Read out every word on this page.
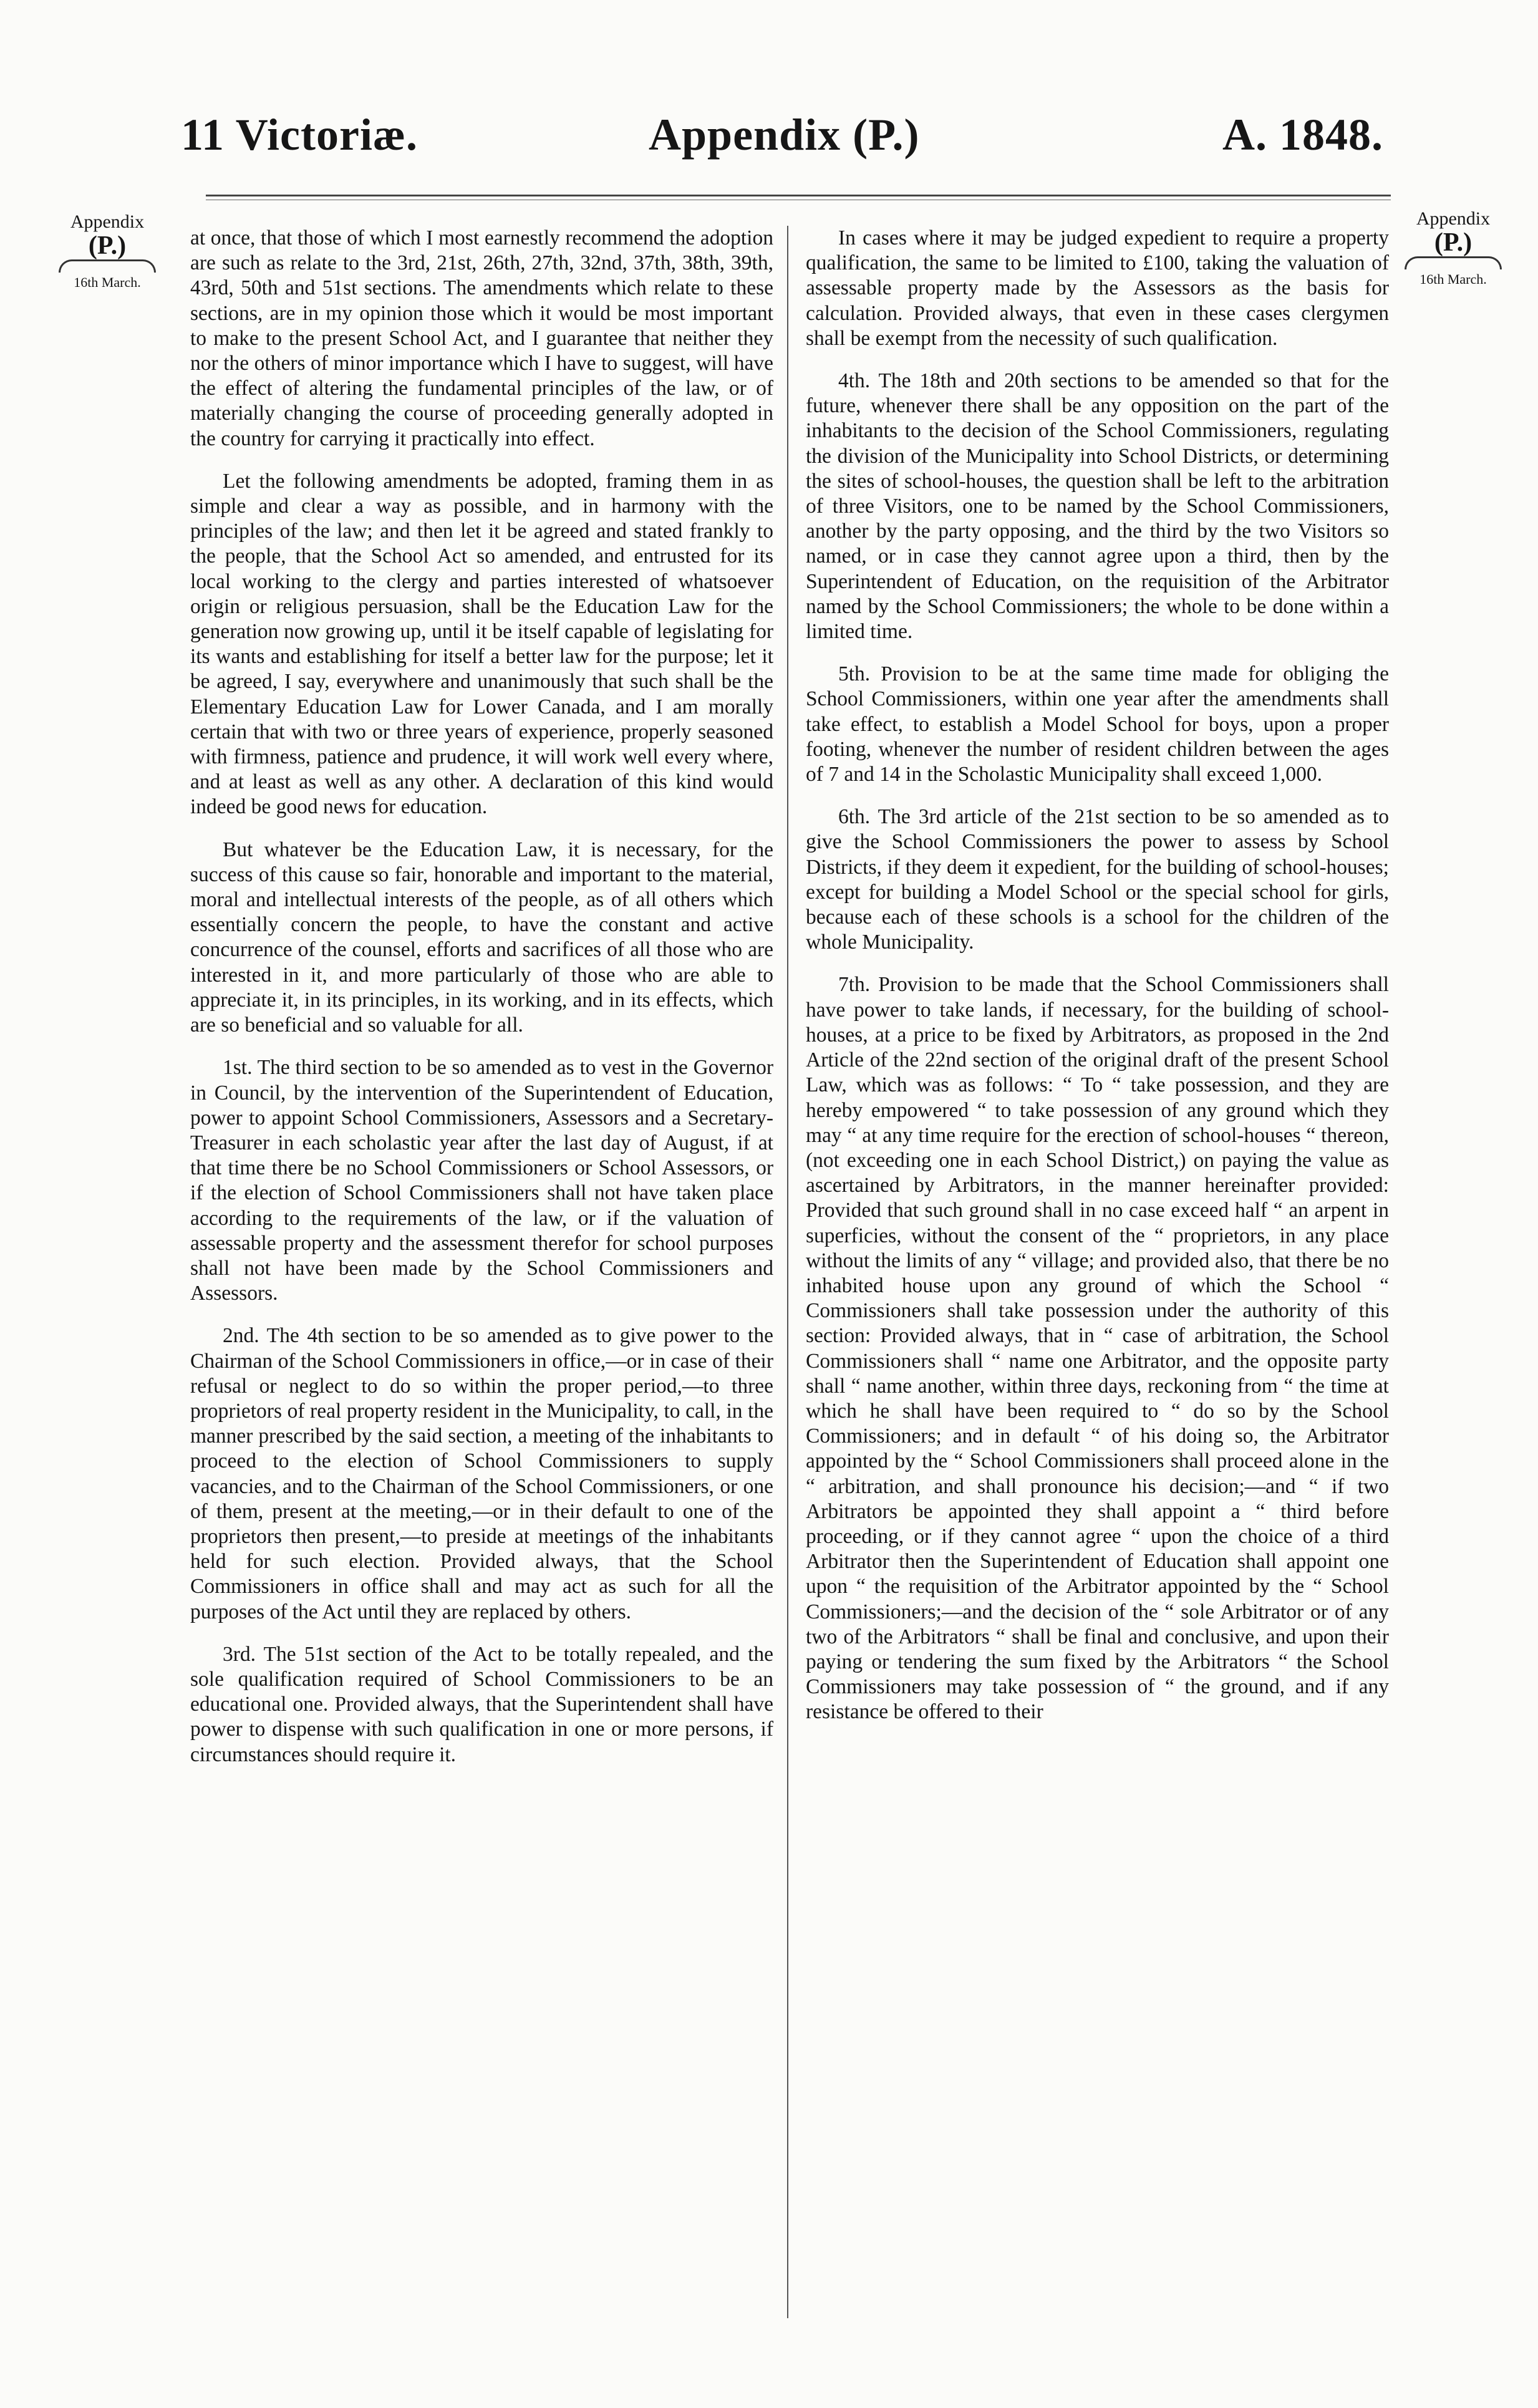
11 Victoriæ.	Appendix (P.)	A. 1848.
Appendix
(P.)
16th March.
Appendix
(P.)
16th March.

at once, that those of which I most earnestly recommend the adoption are such as relate to the 3rd, 21st, 26th, 27th, 32nd, 37th, 38th, 39th, 43rd, 50th and 51st sections. The amendments which relate to these sections, are in my opinion those which it would be most important to make to the present School Act, and I guarantee that neither they nor the others of minor importance which I have to suggest, will have the effect of altering the fundamental principles of the law, or of materially changing the course of proceeding generally adopted in the country for carrying it practically into effect.

Let the following amendments be adopted, framing them in as simple and clear a way as possible, and in harmony with the principles of the law; and then let it be agreed and stated frankly to the people, that the School Act so amended, and entrusted for its local working to the clergy and parties interested of whatsoever origin or religious persuasion, shall be the Education Law for the generation now growing up, until it be itself capable of legislating for its wants and establishing for itself a better law for the purpose; let it be agreed, I say, everywhere and unanimously that such shall be the Elementary Education Law for Lower Canada, and I am morally certain that with two or three years of experience, properly seasoned with firmness, patience and prudence, it will work well every where, and at least as well as any other. A declaration of this kind would indeed be good news for education.

But whatever be the Education Law, it is necessary, for the success of this cause so fair, honorable and important to the material, moral and intellectual interests of the people, as of all others which essentially concern the people, to have the constant and active concurrence of the counsel, efforts and sacrifices of all those who are interested in it, and more particularly of those who are able to appreciate it, in its principles, in its working, and in its effects, which are so beneficial and so valuable for all.

1st. The third section to be so amended as to vest in the Governor in Council, by the intervention of the Superintendent of Education, power to appoint School Commissioners, Assessors and a Secretary-Treasurer in each scholastic year after the last day of August, if at that time there be no School Commissioners or School Assessors, or if the election of School Commissioners shall not have taken place according to the requirements of the law, or if the valuation of assessable property and the assessment therefor for school purposes shall not have been made by the School Commissioners and Assessors.

2nd. The 4th section to be so amended as to give power to the Chairman of the School Commissioners in office,—or in case of their refusal or neglect to do so within the proper period,—to three proprietors of real property resident in the Municipality, to call, in the manner prescribed by the said section, a meeting of the inhabitants to proceed to the election of School Commissioners to supply vacancies, and to the Chairman of the School Commissioners, or one of them, present at the meeting,—or in their default to one of the proprietors then present,—to preside at meetings of the inhabitants held for such election. Provided always, that the School Commissioners in office shall and may act as such for all the purposes of the Act until they are replaced by others.

3rd. The 51st section of the Act to be totally repealed, and the sole qualification required of School Commissioners to be an educational one. Provided always, that the Superintendent shall have power to dispense with such qualification in one or more persons, if circumstances should require it.

In cases where it may be judged expedient to require a property qualification, the same to be limited to £100, taking the valuation of assessable property made by the Assessors as the basis for calculation. Provided always, that even in these cases clergymen shall be exempt from the necessity of such qualification.

4th. The 18th and 20th sections to be amended so that for the future, whenever there shall be any opposition on the part of the inhabitants to the decision of the School Commissioners, regulating the division of the Municipality into School Districts, or determining the sites of school-houses, the question shall be left to the arbitration of three Visitors, one to be named by the School Commissioners, another by the party opposing, and the third by the two Visitors so named, or in case they cannot agree upon a third, then by the Superintendent of Education, on the requisition of the Arbitrator named by the School Commissioners; the whole to be done within a limited time.

5th. Provision to be at the same time made for obliging the School Commissioners, within one year after the amendments shall take effect, to establish a Model School for boys, upon a proper footing, whenever the number of resident children between the ages of 7 and 14 in the Scholastic Municipality shall exceed 1,000.

6th. The 3rd article of the 21st section to be so amended as to give the School Commissioners the power to assess by School Districts, if they deem it expedient, for the building of school-houses; except for building a Model School or the special school for girls, because each of these schools is a school for the children of the whole Municipality.

7th. Provision to be made that the School Commissioners shall have power to take lands, if necessary, for the building of school-houses, at a price to be fixed by Arbitrators, as proposed in the 2nd Article of the 22nd section of the original draft of the present School Law, which was as follows: “ To “ take possession, and they are hereby empowered “ to take possession of any ground which they may “ at any time require for the erection of school-houses “ thereon, (not exceeding one in each School District,) on paying the value as ascertained by Arbitrators, in the manner hereinafter provided: Provided that such ground shall in no case exceed half “ an arpent in superficies, without the consent of the “ proprietors, in any place without the limits of any “ village; and provided also, that there be no inhabited house upon any ground of which the School “ Commissioners shall take possession under the authority of this section: Provided always, that in “ case of arbitration, the School Commissioners shall “ name one Arbitrator, and the opposite party shall “ name another, within three days, reckoning from “ the time at which he shall have been required to “ do so by the School Commissioners; and in default “ of his doing so, the Arbitrator appointed by the “ School Commissioners shall proceed alone in the “ arbitration, and shall pronounce his decision;—and “ if two Arbitrators be appointed they shall appoint a “ third before proceeding, or if they cannot agree “ upon the choice of a third Arbitrator then the Superintendent of Education shall appoint one upon “ the requisition of the Arbitrator appointed by the “ School Commissioners;—and the decision of the “ sole Arbitrator or of any two of the Arbitrators “ shall be final and conclusive, and upon their paying or tendering the sum fixed by the Arbitrators “ the School Commissioners may take possession of “ the ground, and if any resistance be offered to their
